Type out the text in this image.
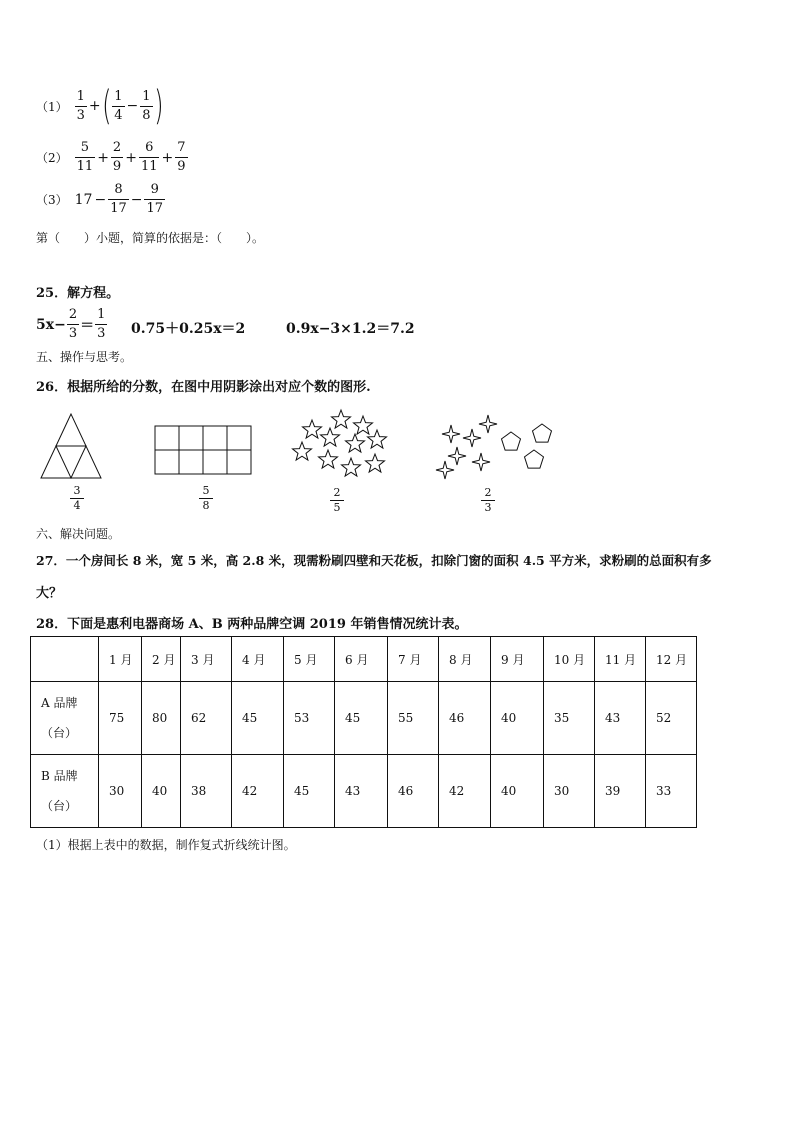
$(1) \frac{1}{3}$ + ( $\frac{1}{4} - \frac{1}{8}$ )
$(2) \frac{5}{11} + \frac{2}{9} + \frac{6}{11} + \frac{7}{9}$
（3） $17 - \frac{8}{17} - \frac{9}{17}$
第（　　）小题，简算的依据是：（　　）。
25．解方程。
$5x- \frac{2}{3} = \frac{1}{3} 0.75+0.25x=2$	0.9x−3×1.2＝7.2
五、操作与思考。
26．根据所给的分数，在图中用阴影涂出对应个数的图形.
3
4
5
8
2
5
2
3
六、解决问题。
27．一个房间长 8 米，宽 5 米，高 2.8 米，现需粉刷四壁和天花板，扣除门窗的面积 4.5 平方米，求粉刷的总面积有多
大？
28．下面是惠利电器商场 A、B 两种品牌空调 2019 年销售情况统计表。
	1 月	2 月	3 月	4 月	5 月	6 月	7 月	8 月	9 月	10 月	11 月	12 月

A 品牌
（台）	75	80	62	45	53	45	55	46	40	35	43	52

B 品牌
（台）	30	40	38	42	45	43	46	42	40	30	39	33
（1）根据上表中的数据，制作复式折线统计图。
